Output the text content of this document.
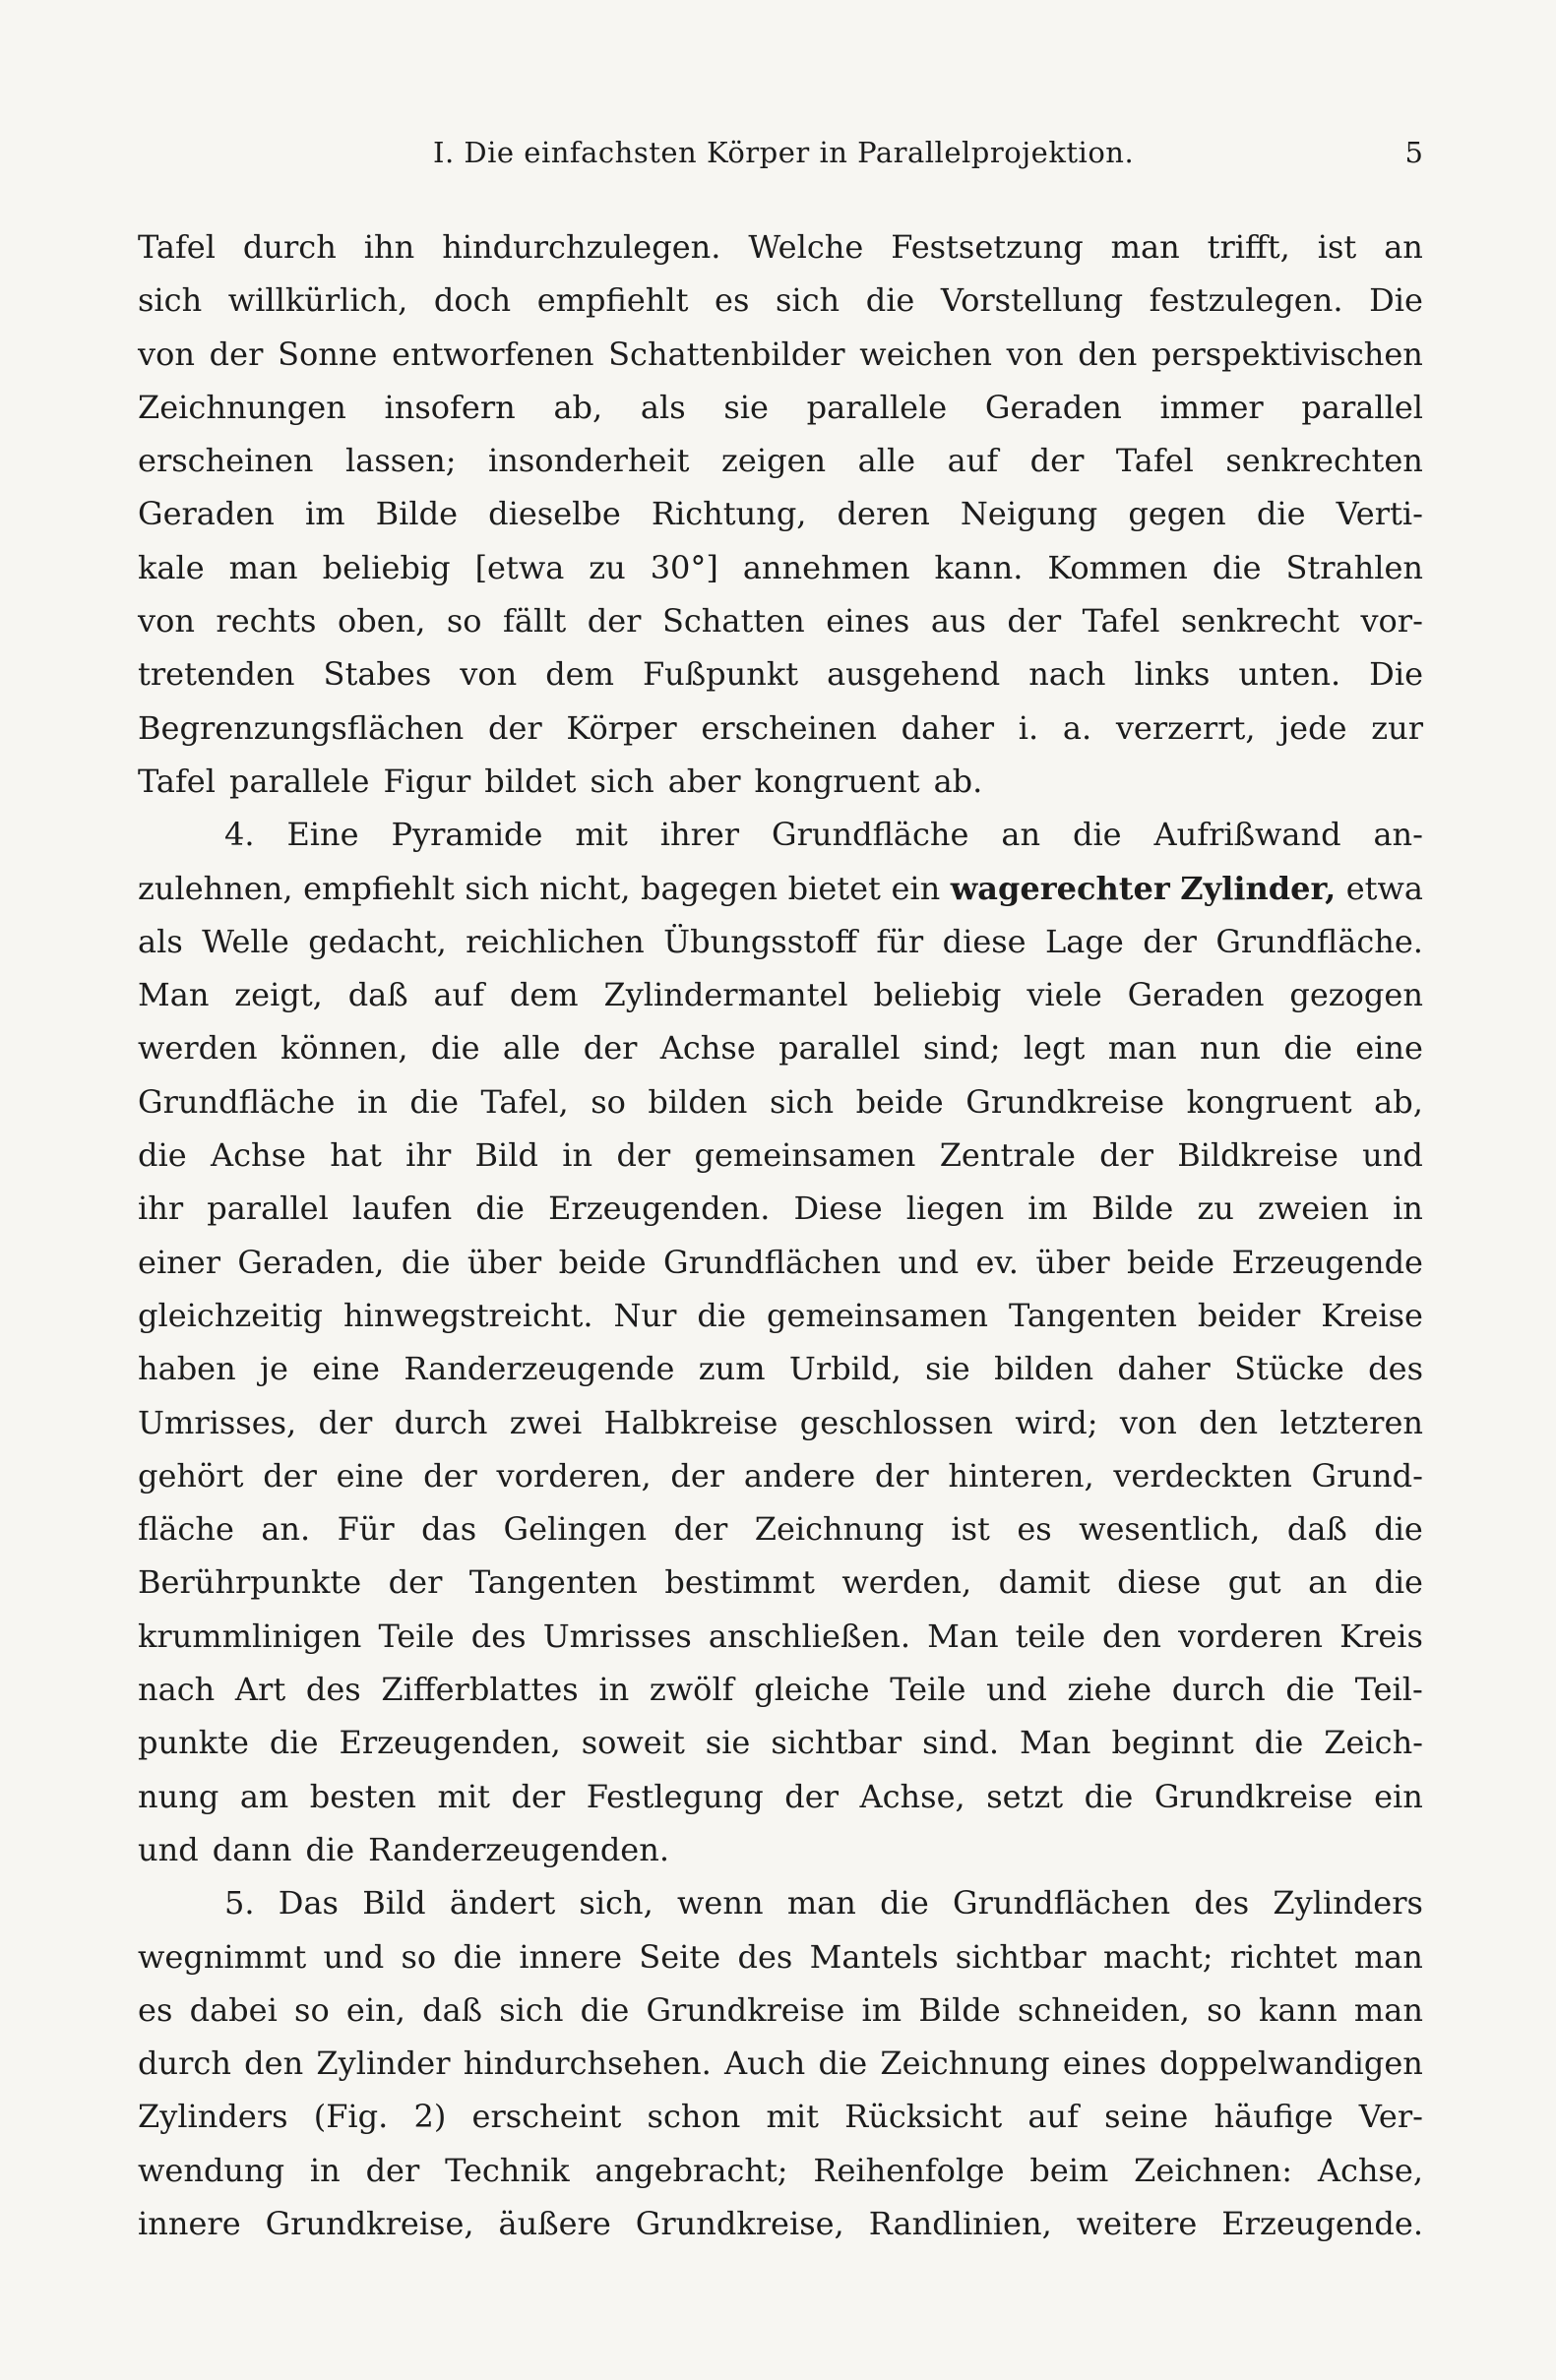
I. Die einfachsten Körper in Parallelprojektion.	5
Tafel durch ihn hindurchzulegen. Welche Festsetzung man trifft, ist an
sich willkürlich, doch empfiehlt es sich die Vorstellung festzulegen. Die
von der Sonne entworfenen Schattenbilder weichen von den perspektivischen
Zeichnungen insofern ab, als sie parallele Geraden immer parallel
erscheinen lassen; insonderheit zeigen alle auf der Tafel senkrechten
Geraden im Bilde dieselbe Richtung, deren Neigung gegen die Verti-
kale man beliebig [etwa zu 30°] annehmen kann. Kommen die Strahlen
von rechts oben, so fällt der Schatten eines aus der Tafel senkrecht vor-
tretenden Stabes von dem Fußpunkt ausgehend nach links unten. Die
Begrenzungsflächen der Körper erscheinen daher i. a. verzerrt, jede zur
Tafel parallele Figur bildet sich aber kongruent ab.
4. Eine Pyramide mit ihrer Grundfläche an die Aufrißwand an-
zulehnen, empfiehlt sich nicht, bagegen bietet ein wagerechter Zylinder, etwa
als Welle gedacht, reichlichen Übungsstoff für diese Lage der Grundfläche.
Man zeigt, daß auf dem Zylindermantel beliebig viele Geraden gezogen
werden können, die alle der Achse parallel sind; legt man nun die eine
Grundfläche in die Tafel, so bilden sich beide Grundkreise kongruent ab,
die Achse hat ihr Bild in der gemeinsamen Zentrale der Bildkreise und
ihr parallel laufen die Erzeugenden. Diese liegen im Bilde zu zweien in
einer Geraden, die über beide Grundflächen und ev. über beide Erzeugende
gleichzeitig hinwegstreicht. Nur die gemeinsamen Tangenten beider Kreise
haben je eine Randerzeugende zum Urbild, sie bilden daher Stücke des
Umrisses, der durch zwei Halbkreise geschlossen wird; von den letzteren
gehört der eine der vorderen, der andere der hinteren, verdeckten Grund-
fläche an. Für das Gelingen der Zeichnung ist es wesentlich, daß die
Berührpunkte der Tangenten bestimmt werden, damit diese gut an die
krummlinigen Teile des Umrisses anschließen. Man teile den vorderen Kreis
nach Art des Zifferblattes in zwölf gleiche Teile und ziehe durch die Teil-
punkte die Erzeugenden, soweit sie sichtbar sind. Man beginnt die Zeich-
nung am besten mit der Festlegung der Achse, setzt die Grundkreise ein
und dann die Randerzeugenden.
5. Das Bild ändert sich, wenn man die Grundflächen des Zylinders
wegnimmt und so die innere Seite des Mantels sichtbar macht; richtet man
es dabei so ein, daß sich die Grundkreise im Bilde schneiden, so kann man
durch den Zylinder hindurchsehen. Auch die Zeichnung eines doppelwandigen
Zylinders (Fig. 2) erscheint schon mit Rücksicht auf seine häufige Ver-
wendung in der Technik angebracht; Reihenfolge beim Zeichnen: Achse,
innere Grundkreise, äußere Grundkreise, Randlinien, weitere Erzeugende.
